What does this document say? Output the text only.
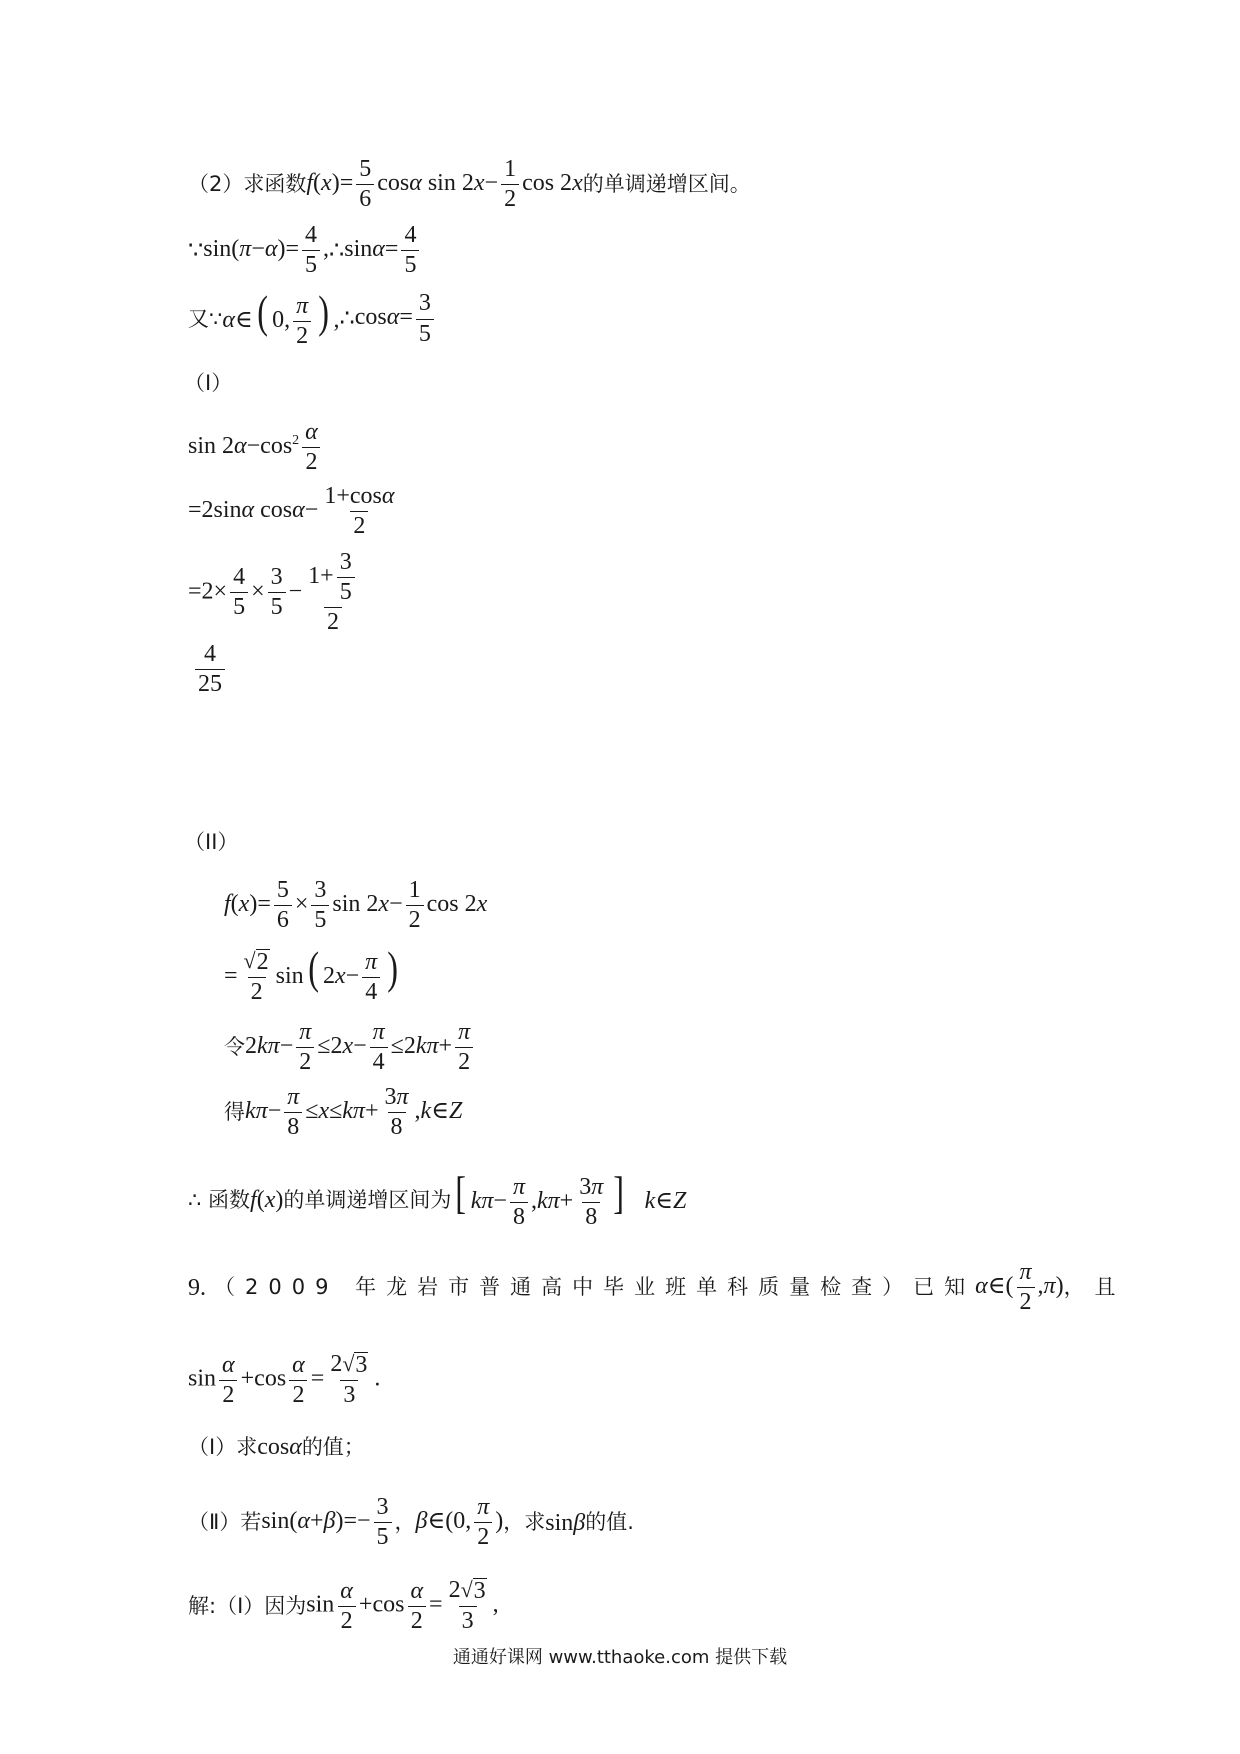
（2）求函数 $f(x)= \frac{5}{6}$ cosα $\sin 2x- \frac{1}{2}$ cos 2x 的单调递增区间。
∵ $\sin(\pi-\alpha)= \frac{4}{5}$ , ∴ $\sin\alpha= \frac{4}{5}$
又∵ α∈( 0, $\frac{\pi}{2}$ ) , ∴ $\cos\alpha= \frac{3}{5}$
（I）
$\sin 2\alpha-\cos^2 \frac{\alpha}{2}$
=2sinα $\cos\alpha- \frac{1+\cos\alpha}{2}$
$=2\times \frac{4}{5} \times \frac{3}{5} - \frac{1+ \frac{3}{5}}{2}$
$\frac{4}{25}$
（II）
$f(x)= \frac{5}{6} \times \frac{3}{5}$ $\sin 2x- \frac{1}{2}$ cos 2x
= $\frac{√ 2}{2} \sin$( $2x- \frac{\pi}{4}$ )
令 $2k\pi- \frac{\pi}{2} \le 2x- \frac{\pi}{4} \le 2k\pi+ \frac{\pi}{2}$
得 $k\pi- \frac{\pi}{8} \le x\le k\pi+ \frac{3\pi}{8}$ ,k∈Z
∴ 函数 f(x) 的单调递增区间为 [ $k\pi- \frac{\pi}{8} ,k\pi+ \frac{3\pi}{8}$ ] k∈Z
9. （2009 年龙岩市普通高中毕业班单科质量检查）已知 α∈( $\frac{\pi}{2} ,\pi$) ，且
$\sin \frac{\alpha}{2} +\cos \frac{\alpha}{2} = \frac{2 √ 3}{3}$ .
（Ⅰ）求 cosα 的值；
（Ⅱ）若 $\sin(\alpha+\beta)=- \frac{3}{5}$ ， β∈(0, $\frac{\pi}{2}$ ) ，求 sinβ 的值.
解:（Ⅰ）因为 $\sin \frac{\alpha}{2} +\cos \frac{\alpha}{2} = \frac{2 √ 3}{3}$ ,
通通好课网 www.tthaoke.com 提供下载
